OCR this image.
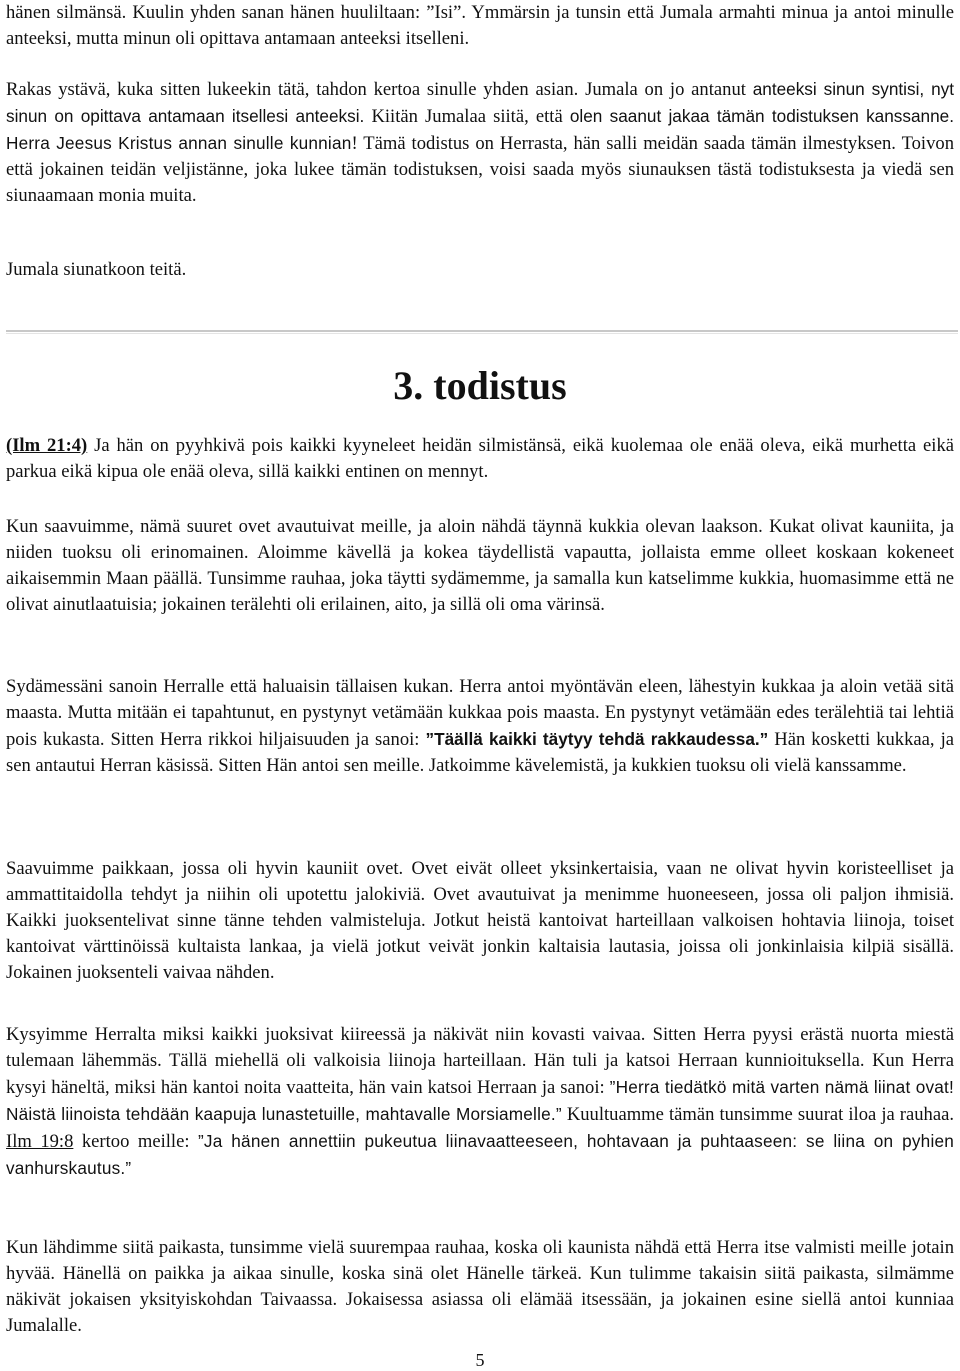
hänen silmänsä. Kuulin yhden sanan hänen huuliltaan: ”Isi”. Ymmärsin ja tunsin että Jumala armahti minua ja antoi minulle anteeksi, mutta minun oli opittava antamaan anteeksi itselleni.

Rakas ystävä, kuka sitten lukeekin tätä, tahdon kertoa sinulle yhden asian. Jumala on jo antanut anteeksi sinun syntisi, nyt sinun on opittava antamaan itsellesi anteeksi. Kiitän Jumalaa siitä, että olen saanut jakaa tämän todistuksen kanssanne. Herra Jeesus Kristus annan sinulle kunnian! Tämä todistus on Herrasta, hän salli meidän saada tämän ilmestyksen. Toivon että jokainen teidän veljistänne, joka lukee tämän todistuksen, voisi saada myös siunauksen tästä todistuksesta ja viedä sen siunaamaan monia muita.

Jumala siunatkoon teitä.

3. todistus

(Ilm 21:4) Ja hän on pyyhkivä pois kaikki kyyneleet heidän silmistänsä, eikä kuolemaa ole enää oleva, eikä murhetta eikä parkua eikä kipua ole enää oleva, sillä kaikki entinen on mennyt.

Kun saavuimme, nämä suuret ovet avautuivat meille, ja aloin nähdä täynnä kukkia olevan laakson. Kukat olivat kauniita, ja niiden tuoksu oli erinomainen. Aloimme kävellä ja kokea täydellistä vapautta, jollaista emme olleet koskaan kokeneet aikaisemmin Maan päällä. Tunsimme rauhaa, joka täytti sydämemme, ja samalla kun katselimme kukkia, huomasimme että ne olivat ainutlaatuisia; jokainen terälehti oli erilainen, aito, ja sillä oli oma värinsä.

Sydämessäni sanoin Herralle että haluaisin tällaisen kukan. Herra antoi myöntävän eleen, lähestyin kukkaa ja aloin vetää sitä maasta. Mutta mitään ei tapahtunut, en pystynyt vetämään kukkaa pois maasta. En pystynyt vetämään edes terälehtiä tai lehtiä pois kukasta. Sitten Herra rikkoi hiljaisuuden ja sanoi: ”Täällä kaikki täytyy tehdä rakkaudessa.” Hän kosketti kukkaa, ja sen antautui Herran käsissä. Sitten Hän antoi sen meille. Jatkoimme kävelemistä, ja kukkien tuoksu oli vielä kanssamme.

Saavuimme paikkaan, jossa oli hyvin kauniit ovet. Ovet eivät olleet yksinkertaisia, vaan ne olivat hyvin koristeelliset ja ammattitaidolla tehdyt ja niihin oli upotettu jalokiviä. Ovet avautuivat ja menimme huoneeseen, jossa oli paljon ihmisiä. Kaikki juoksentelivat sinne tänne tehden valmisteluja. Jotkut heistä kantoivat harteillaan valkoisen hohtavia liinoja, toiset kantoivat värttinöissä kultaista lankaa, ja vielä jotkut veivät jonkin kaltaisia lautasia, joissa oli jonkinlaisia kilpiä sisällä. Jokainen juoksenteli vaivaa nähden.

Kysyimme Herralta miksi kaikki juoksivat kiireessä ja näkivät niin kovasti vaivaa. Sitten Herra pyysi erästä nuorta miestä tulemaan lähemmäs. Tällä miehellä oli valkoisia liinoja harteillaan. Hän tuli ja katsoi Herraan kunnioituksella. Kun Herra kysyi häneltä, miksi hän kantoi noita vaatteita, hän vain katsoi Herraan ja sanoi: ”Herra tiedätkö mitä varten nämä liinat ovat! Näistä liinoista tehdään kaapuja lunastetuille, mahtavalle Morsiamelle.” Kuultuamme tämän tunsimme suurat iloa ja rauhaa. Ilm 19:8 kertoo meille: ”Ja hänen annettiin pukeutua liinavaatteeseen, hohtavaan ja puhtaaseen: se liina on pyhien vanhurskautus.”

Kun lähdimme siitä paikasta, tunsimme vielä suurempaa rauhaa, koska oli kaunista nähdä että Herra itse valmisti meille jotain hyvää. Hänellä on paikka ja aikaa sinulle, koska sinä olet Hänelle tärkeä. Kun tulimme takaisin siitä paikasta, silmämme näkivät jokaisen yksityiskohdan Taivaassa. Jokaisessa asiassa oli elämää itsessään, ja jokainen esine siellä antoi kunniaa Jumalalle.

5
